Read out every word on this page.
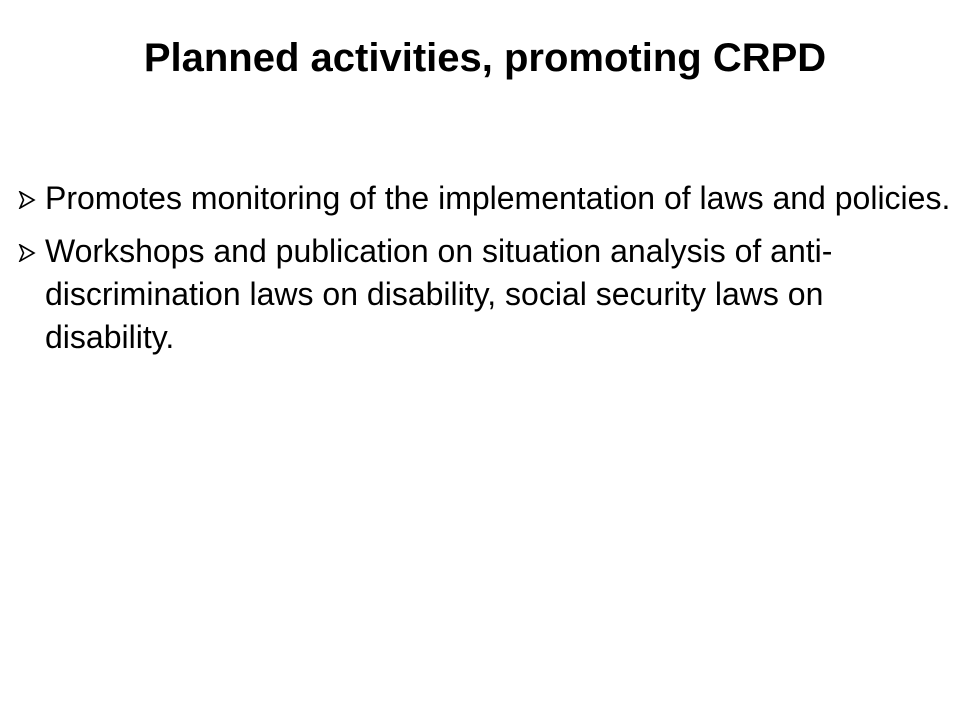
Planned activities, promoting CRPD
Promotes monitoring of the implementation of laws and policies.
Workshops and publication on situation analysis of anti-discrimination laws on disability, social security laws on disability.
